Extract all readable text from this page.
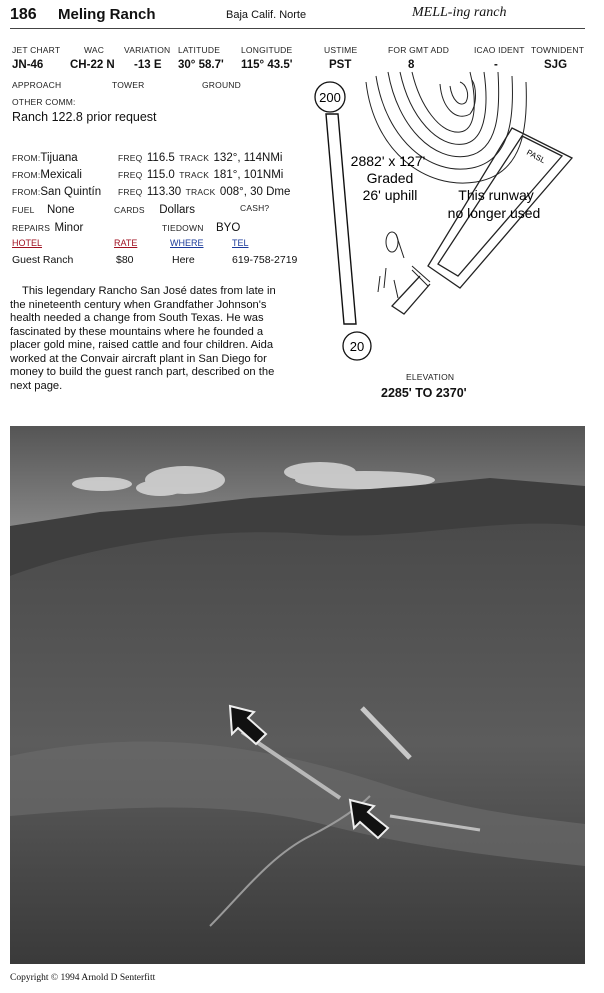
186 Meling Ranch	Baja Calif. Norte	MELL-ing ranch
JET CHART	WAC VARIATION LATITUDE LONGITUDE	USTIME	FOR GMT ADD	ICAO IDENT TOWNIDENT
JN-46 CH-22 N -13 E 30° 58.7' 115° 43.5'	PST	8	-	SJG
APPROACH	TOWER	GROUND
OTHER COMM:
Ranch 122.8 prior request
FROM:Tijuana	FREQ 116.5 TRACK 132°, 114NMi
FROM:Mexicali	FREQ 115.0 TRACK 181°, 101NMi
FROM:San Quintín FREQ 113.30 TRACK 008°, 30 Dme
FUEL None	CARDS Dollars	CASH?
REPAIRS Minor	TIEDOWN BYO
HOTEL	RATE	WHERE	TEL
Guest Ranch	$80	Here	619-758-2719

This legendary Rancho San José dates from late in the nineteenth century when Grandfather Johnson's health needed a change from South Texas. He was fascinated by these mountains where he founded a placer gold mine, raised cattle and four children. Aida worked at the Convair aircraft plant in San Diego for money to build the guest ranch part, described on the next page.

PASL
200
20
2882' x 127'
Graded
26' uphill	This runway
no longer used
ELEVATION
2285' TO 2370'
Copyright © 1994 Arnold D Senterfitt
